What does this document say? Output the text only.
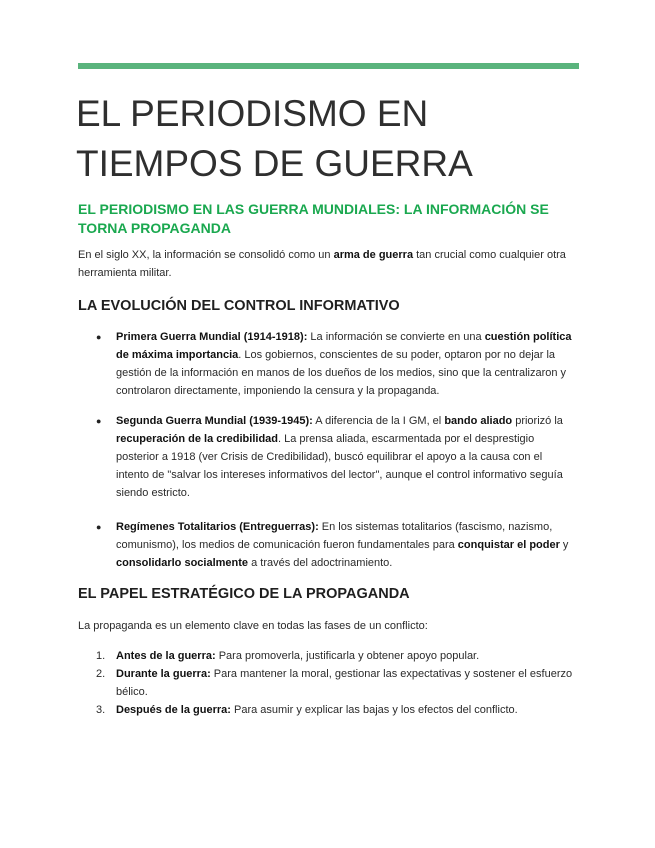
EL PERIODISMO EN
TIEMPOS DE GUERRA
EL PERIODISMO EN LAS GUERRA MUNDIALES: LA INFORMACIÓN SE TORNA PROPAGANDA

En el siglo XX, la información se consolidó como un arma de guerra tan crucial como cualquier otra herramienta militar.

LA EVOLUCIÓN DEL CONTROL INFORMATIVO
● Primera Guerra Mundial (1914-1918): La información se convierte en una cuestión política de máxima importancia. Los gobiernos, conscientes de su poder, optaron por no dejar la gestión de la información en manos de los dueños de los medios, sino que la centralizaron y controlaron directamente, imponiendo la censura y la propaganda.
● Segunda Guerra Mundial (1939-1945): A diferencia de la I GM, el bando aliado priorizó la recuperación de la credibilidad. La prensa aliada, escarmentada por el desprestigio posterior a 1918 (ver Crisis de Credibilidad), buscó equilibrar el apoyo a la causa con el intento de "salvar los intereses informativos del lector", aunque el control informativo seguía siendo estricto.
● Regímenes Totalitarios (Entreguerras): En los sistemas totalitarios (fascismo, nazismo, comunismo), los medios de comunicación fueron fundamentales para conquistar el poder y consolidarlo socialmente a través del adoctrinamiento.
EL PAPEL ESTRATÉGICO DE LA PROPAGANDA

La propaganda es un elemento clave en todas las fases de un conflicto:

1. Antes de la guerra: Para promoverla, justificarla y obtener apoyo popular.
2. Durante la guerra: Para mantener la moral, gestionar las expectativas y sostener el esfuerzo bélico.
3. Después de la guerra: Para asumir y explicar las bajas y los efectos del conflicto.
